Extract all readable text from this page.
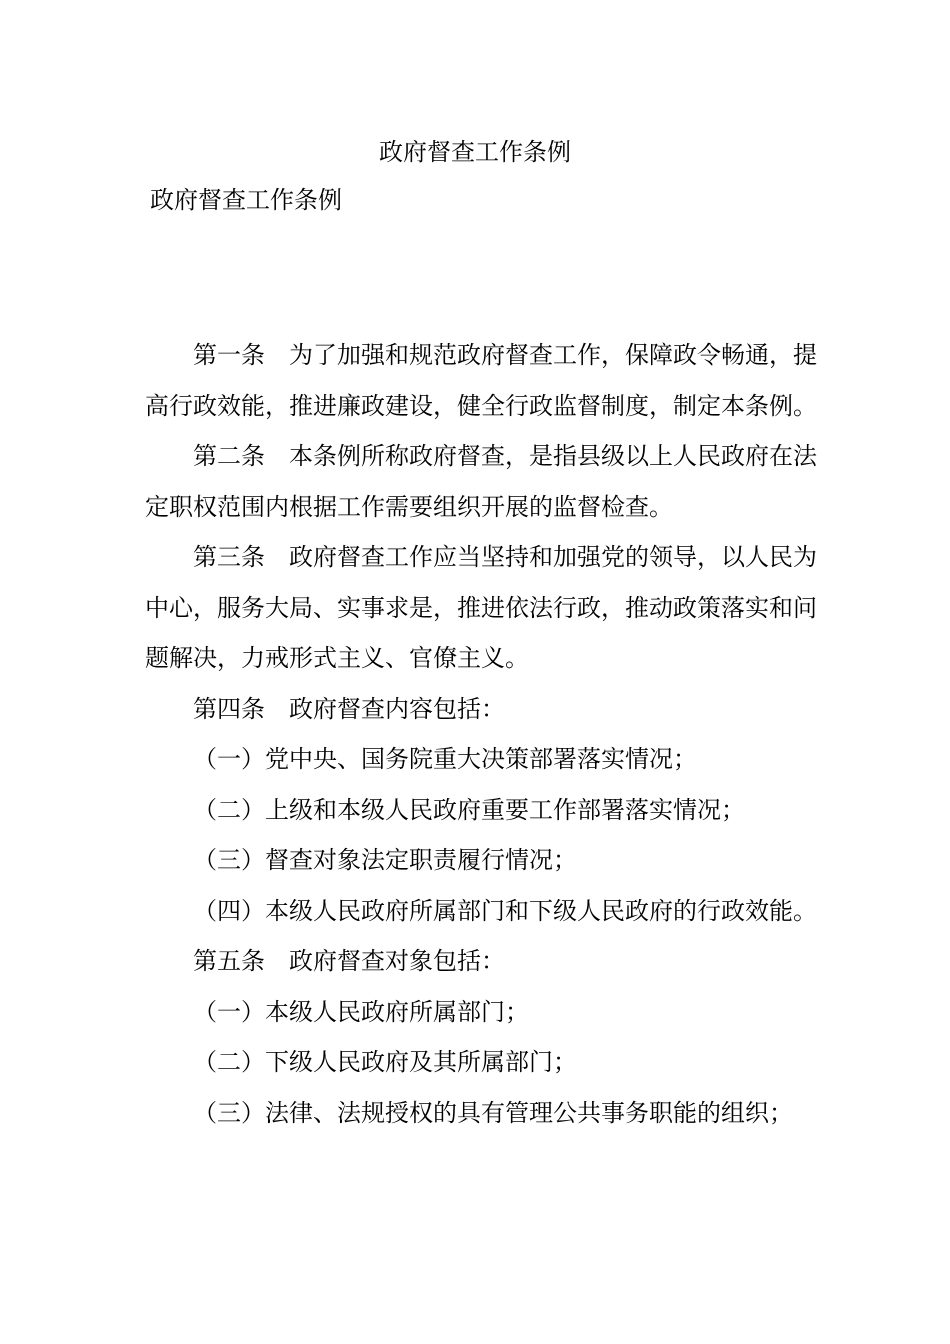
政府督查工作条例
政府督查工作条例

第一条 为了加强和规范政府督查工作，保障政令畅通，提高行政效能，推进廉政建设，健全行政监督制度，制定本条例。

第二条 本条例所称政府督查，是指县级以上人民政府在法定职权范围内根据工作需要组织开展的监督检查。

第三条 政府督查工作应当坚持和加强党的领导，以人民为中心，服务大局、实事求是，推进依法行政，推动政策落实和问题解决，力戒形式主义、官僚主义。

第四条 政府督查内容包括：

（一）党中央、国务院重大决策部署落实情况；

（二）上级和本级人民政府重要工作部署落实情况；

（三）督查对象法定职责履行情况；

（四）本级人民政府所属部门和下级人民政府的行政效能。

第五条 政府督查对象包括：

（一）本级人民政府所属部门；

（二）下级人民政府及其所属部门；

（三）法律、法规授权的具有管理公共事务职能的组织；
